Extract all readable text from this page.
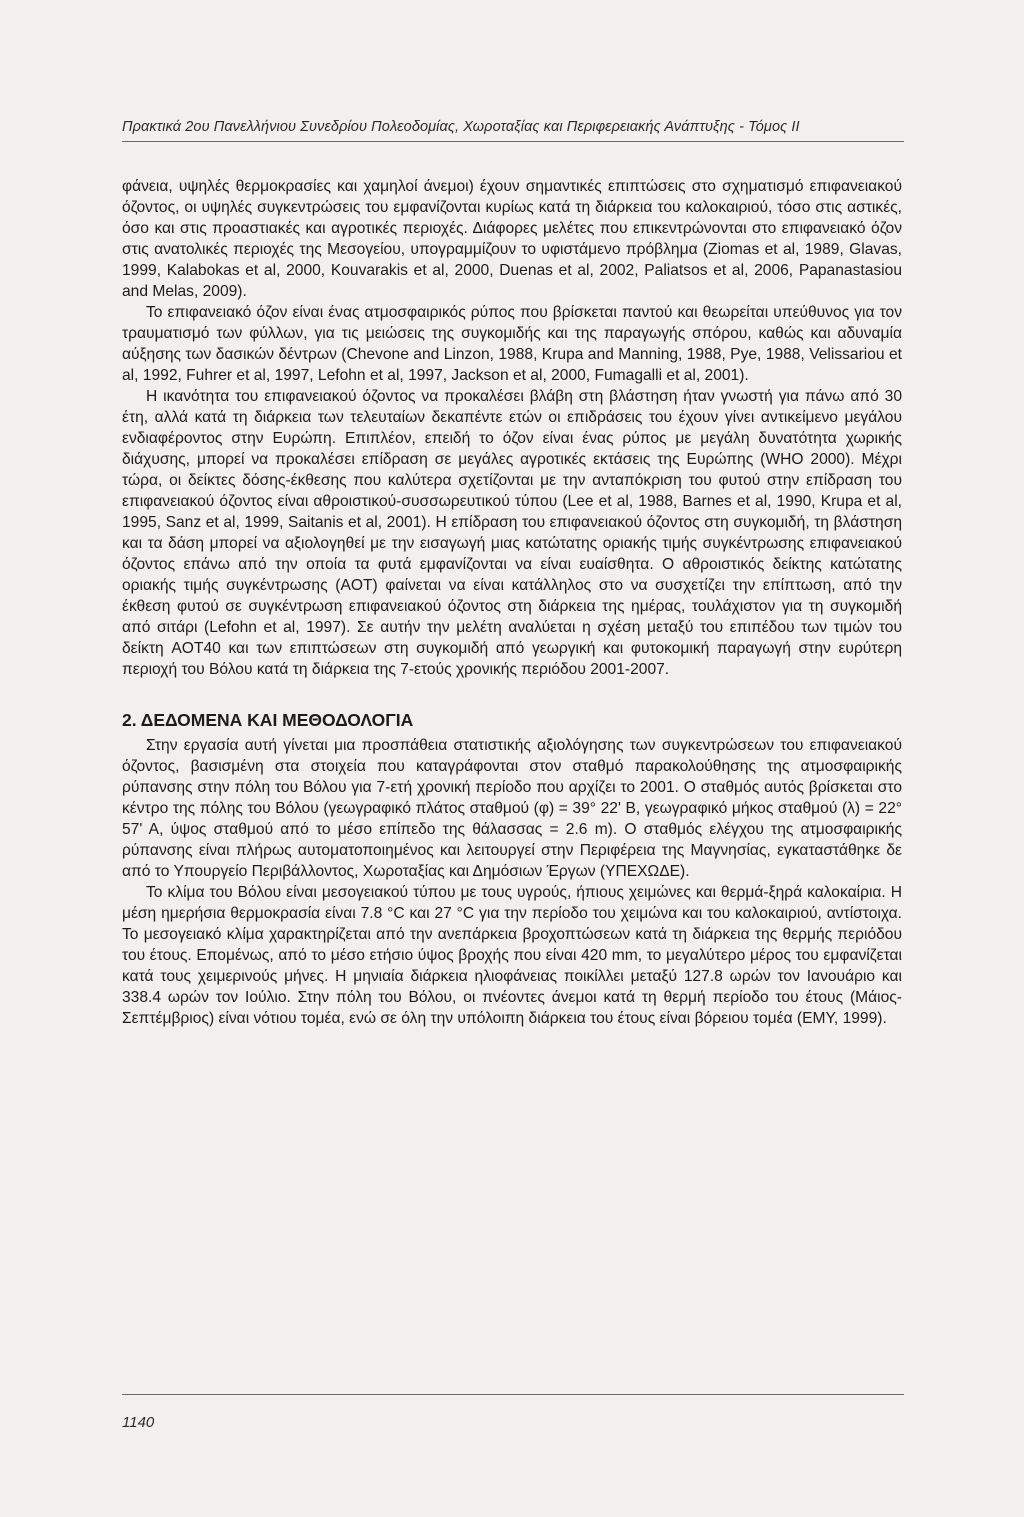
Πρακτικά 2ου Πανελλήνιου Συνεδρίου Πολεοδομίας, Χωροταξίας και Περιφερειακής Ανάπτυξης - Τόμος ΙΙ

φάνεια, υψηλές θερμοκρασίες και χαμηλοί άνεμοι) έχουν σημαντικές επιπτώσεις στο σχηματισμό επιφανειακού όζοντος, οι υψηλές συγκεντρώσεις του εμφανίζονται κυρίως κατά τη διάρκεια του καλοκαιριού, τόσο στις αστικές, όσο και στις προαστιακές και αγροτικές περιοχές. Διάφορες μελέτες που επικεντρώνονται στο επιφανειακό όζον στις ανατολικές περιοχές της Μεσογείου, υπογραμμίζουν το υφιστάμενο πρόβλημα (Ziomas et al, 1989, Glavas, 1999, Kalabokas et al, 2000, Kouvarakis et al, 2000, Duenas et al, 2002, Paliatsos et al, 2006, Papanastasiou and Melas, 2009).

Το επιφανειακό όζον είναι ένας ατμοσφαιρικός ρύπος που βρίσκεται παντού και θεωρείται υπεύθυνος για τον τραυματισμό των φύλλων, για τις μειώσεις της συγκομιδής και της παραγωγής σπόρου, καθώς και αδυναμία αύξησης των δασικών δέντρων (Chevone and Linzon, 1988, Krupa and Manning, 1988, Pye, 1988, Velissariou et al, 1992, Fuhrer et al, 1997, Lefohn et al, 1997, Jackson et al, 2000, Fumagalli et al, 2001).

Η ικανότητα του επιφανειακού όζοντος να προκαλέσει βλάβη στη βλάστηση ήταν γνωστή για πάνω από 30 έτη, αλλά κατά τη διάρκεια των τελευταίων δεκαπέντε ετών οι επιδράσεις του έχουν γίνει αντικείμενο μεγάλου ενδιαφέροντος στην Ευρώπη. Επιπλέον, επειδή το όζον είναι ένας ρύπος με μεγάλη δυνατότητα χωρικής διάχυσης, μπορεί να προκαλέσει επίδραση σε μεγάλες αγροτικές εκτάσεις της Ευρώπης (WHO 2000). Μέχρι τώρα, οι δείκτες δόσης-έκθεσης που καλύτερα σχετίζονται με την ανταπόκριση του φυτού στην επίδραση του επιφανειακού όζοντος είναι αθροιστικού-συσσωρευτικού τύπου (Lee et al, 1988, Barnes et al, 1990, Krupa et al, 1995, Sanz et al, 1999, Saitanis et al, 2001). Η επίδραση του επιφανειακού όζοντος στη συγκομιδή, τη βλάστηση και τα δάση μπορεί να αξιολογηθεί με την εισαγωγή μιας κατώτατης οριακής τιμής συγκέντρωσης επιφανειακού όζοντος επάνω από την οποία τα φυτά εμφανίζονται να είναι ευαίσθητα. Ο αθροιστικός δείκτης κατώτατης οριακής τιμής συγκέντρωσης (AOT) φαίνεται να είναι κατάλληλος στο να συσχετίζει την επίπτωση, από την έκθεση φυτού σε συγκέντρωση επιφανειακού όζοντος στη διάρκεια της ημέρας, τουλάχιστον για τη συγκομιδή από σιτάρι (Lefohn et al, 1997). Σε αυτήν την μελέτη αναλύεται η σχέση μεταξύ του επιπέδου των τιμών του δείκτη AOT40 και των επιπτώσεων στη συγκομιδή από γεωργική και φυτοκομική παραγωγή στην ευρύτερη περιοχή του Βόλου κατά τη διάρκεια της 7-ετούς χρονικής περιόδου 2001-2007.

2. ΔΕΔΟΜΕΝΑ ΚΑΙ ΜΕΘΟΔΟΛΟΓΙΑ

Στην εργασία αυτή γίνεται μια προσπάθεια στατιστικής αξιολόγησης των συγκεντρώσεων του επιφανειακού όζοντος, βασισμένη στα στοιχεία που καταγράφονται στον σταθμό παρακολούθησης της ατμοσφαιρικής ρύπανσης στην πόλη του Βόλου για 7-ετή χρονική περίοδο που αρχίζει το 2001. Ο σταθμός αυτός βρίσκεται στο κέντρο της πόλης του Βόλου (γεωγραφικό πλάτος σταθμού (φ) = 39° 22' Β, γεωγραφικό μήκος σταθμού (λ) = 22° 57' Α, ύψος σταθμού από το μέσο επίπεδο της θάλασσας = 2.6 m). Ο σταθμός ελέγχου της ατμοσφαιρικής ρύπανσης είναι πλήρως αυτοματοποιημένος και λειτουργεί στην Περιφέρεια της Μαγνησίας, εγκαταστάθηκε δε από το Υπουργείο Περιβάλλοντος, Χωροταξίας και Δημόσιων Έργων (ΥΠΕΧΩΔΕ).

Το κλίμα του Βόλου είναι μεσογειακού τύπου με τους υγρούς, ήπιους χειμώνες και θερμά-ξηρά καλοκαίρια. Η μέση ημερήσια θερμοκρασία είναι 7.8 °C και 27 °C για την περίοδο του χειμώνα και του καλοκαιριού, αντίστοιχα. Το μεσογειακό κλίμα χαρακτηρίζεται από την ανεπάρκεια βροχοπτώσεων κατά τη διάρκεια της θερμής περιόδου του έτους. Επομένως, από το μέσο ετήσιο ύψος βροχής που είναι 420 mm, το μεγαλύτερο μέρος του εμφανίζεται κατά τους χειμερινούς μήνες. Η μηνιαία διάρκεια ηλιοφάνειας ποικίλλει μεταξύ 127.8 ωρών τον Ιανουάριο και 338.4 ωρών τον Ιούλιο. Στην πόλη του Βόλου, οι πνέοντες άνεμοι κατά τη θερμή περίοδο του έτους (Μάιος-Σεπτέμβριος) είναι νότιου τομέα, ενώ σε όλη την υπόλοιπη διάρκεια του έτους είναι βόρειου τομέα (ΕΜΥ, 1999).

1140
